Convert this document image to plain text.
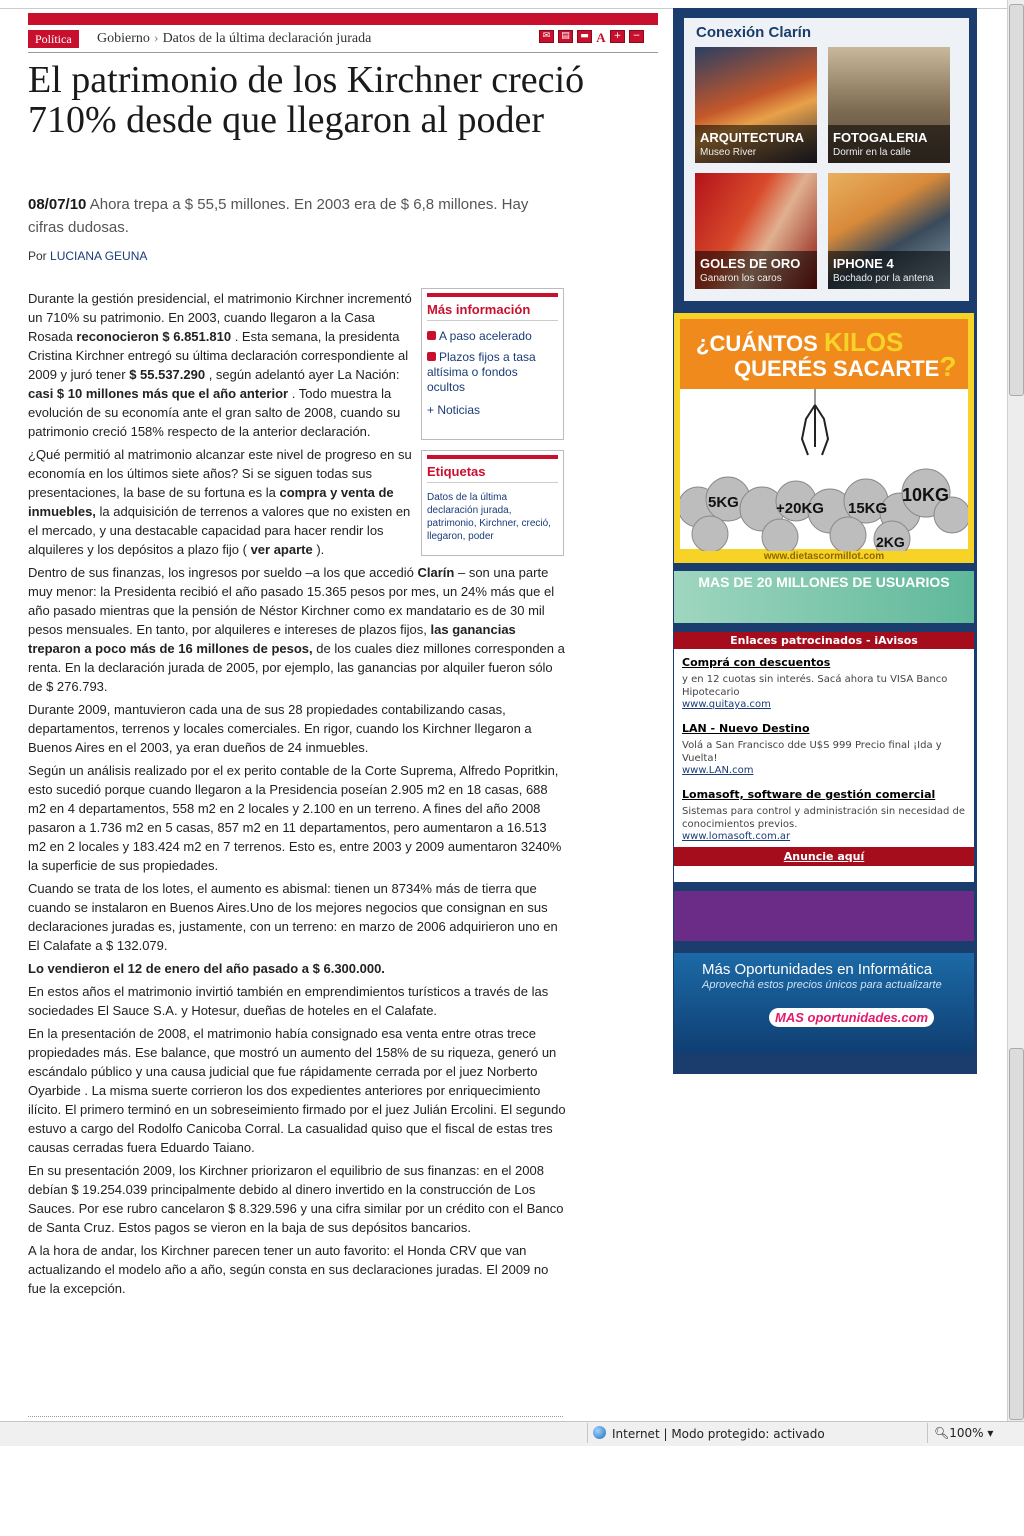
Política	Gobierno › Datos de la última declaración jurada	✉	▤	▬ A +	−
El patrimonio de los Kirchner creció 710% desde que llegaron al poder
08/07/10 Ahora trepa a $ 55,5 millones. En 2003 era de $ 6,8 millones. Hay cifras dudosas.
Por LUCIANA GEUNA

Durante la gestión presidencial, el matrimonio Kirchner incrementó un 710% su patrimonio. En 2003, cuando llegaron a la Casa Rosada reconocieron $ 6.851.810 . Esta semana, la presidenta Cristina Kirchner entregó su última declaración correspondiente al 2009 y juró tener $ 55.537.290 , según adelantó ayer La Nación: casi $ 10 millones más que el año anterior . Todo muestra la evolución de su economía ante el gran salto de 2008, cuando su patrimonio creció 158% respecto de la anterior declaración.

¿Qué permitió al matrimonio alcanzar este nivel de progreso en su economía en los últimos siete años? Si se siguen todas sus presentaciones, la base de su fortuna es la compra y venta de inmuebles, la adquisición de terrenos a valores que no existen en el mercado, y una destacable capacidad para hacer rendir los alquileres y los depósitos a plazo fijo ( ver aparte ).

Dentro de sus finanzas, los ingresos por sueldo –a los que accedió Clarín – son una parte muy menor: la Presidenta recibió el año pasado 15.365 pesos por mes, un 24% más que el año pasado mientras que la pensión de Néstor Kirchner como ex mandatario es de 30 mil pesos mensuales. En tanto, por alquileres e intereses de plazos fijos, las ganancias treparon a poco más de 16 millones de pesos, de los cuales diez millones corresponden a renta. En la declaración jurada de 2005, por ejemplo, las ganancias por alquiler fueron sólo de $ 276.793.

Durante 2009, mantuvieron cada una de sus 28 propiedades contabilizando casas, departamentos, terrenos y locales comerciales. En rigor, cuando los Kirchner llegaron a Buenos Aires en el 2003, ya eran dueños de 24 inmuebles.

Según un análisis realizado por el ex perito contable de la Corte Suprema, Alfredo Popritkin, esto sucedió porque cuando llegaron a la Presidencia poseían 2.905 m2 en 18 casas, 688 m2 en 4 departamentos, 558 m2 en 2 locales y 2.100 en un terreno. A fines del año 2008 pasaron a 1.736 m2 en 5 casas, 857 m2 en 11 departamentos, pero aumentaron a 16.513 m2 en 2 locales y 183.424 m2 en 7 terrenos. Esto es, entre 2003 y 2009 aumentaron 3240% la superficie de sus propiedades.

Cuando se trata de los lotes, el aumento es abismal: tienen un 8734% más de tierra que cuando se instalaron en Buenos Aires.Uno de los mejores negocios que consignan en sus declaraciones juradas es, justamente, con un terreno: en marzo de 2006 adquirieron uno en El Calafate a $ 132.079.

Lo vendieron el 12 de enero del año pasado a $ 6.300.000.

En estos años el matrimonio invirtió también en emprendimientos turísticos a través de las sociedades El Sauce S.A. y Hotesur, dueñas de hoteles en el Calafate.

En la presentación de 2008, el matrimonio había consignado esa venta entre otras trece propiedades más. Ese balance, que mostró un aumento del 158% de su riqueza, generó un escándalo público y una causa judicial que fue rápidamente cerrada por el juez Norberto Oyarbide . La misma suerte corrieron los dos expedientes anteriores por enriquecimiento ilícito. El primero terminó en un sobreseimiento firmado por el juez Julián Ercolini. El segundo estuvo a cargo del Rodolfo Canicoba Corral. La casualidad quiso que el fiscal de estas tres causas cerradas fuera Eduardo Taiano.

En su presentación 2009, los Kirchner priorizaron el equilibrio de sus finanzas: en el 2008 debían $ 19.254.039 principalmente debido al dinero invertido en la construcción de Los Sauces. Por ese rubro cancelaron $ 8.329.596 y una cifra similar por un crédito con el Banco de Santa Cruz. Estos pagos se vieron en la baja de sus depósitos bancarios.

A la hora de andar, los Kirchner parecen tener un auto favorito: el Honda CRV que van actualizando el modelo año a año, según consta en sus declaraciones juradas. El 2009 no fue la excepción.

Más información
A paso acelerado
Plazos fijos a tasa altísima o fondos ocultos
+ Noticias
Etiquetas
Datos de la última declaración jurada, patrimonio, Kirchner, creció, llegaron, poder
Conexión Clarín
ARQUITECTURA
Museo River
FOTOGALERIA
Dormir en la calle
GOLES DE ORO
Ganaron los caros
IPHONE 4
Bochado por la antena
¿CUÁNTOS KILOS
QUERÉS SACARTE?
5KG +20KG 15KG
10KG
2KG
www.dietascormillot.com
MAS DE 20 MILLONES DE USUARIOS
Enlaces patrocinados - iAvisos
Comprá con descuentos
y en 12 cuotas sin interés. Sacá ahora tu VISA Banco Hipotecario
www.quitaya.com
LAN - Nuevo Destino
Volá a San Francisco dde U$S 999 Precio final ¡Ida y Vuelta!
www.LAN.com
Lomasoft, software de gestión comercial
Sistemas para control y administración sin necesidad de conocimientos previos.
www.lomasoft.com.ar
Anuncie aquí
Más Oportunidades en Informática
Aprovechá estos precios únicos para actualizarte
MAS oportunidades.com
Internet | Modo protegido: activado	🔍︎100% ▾
